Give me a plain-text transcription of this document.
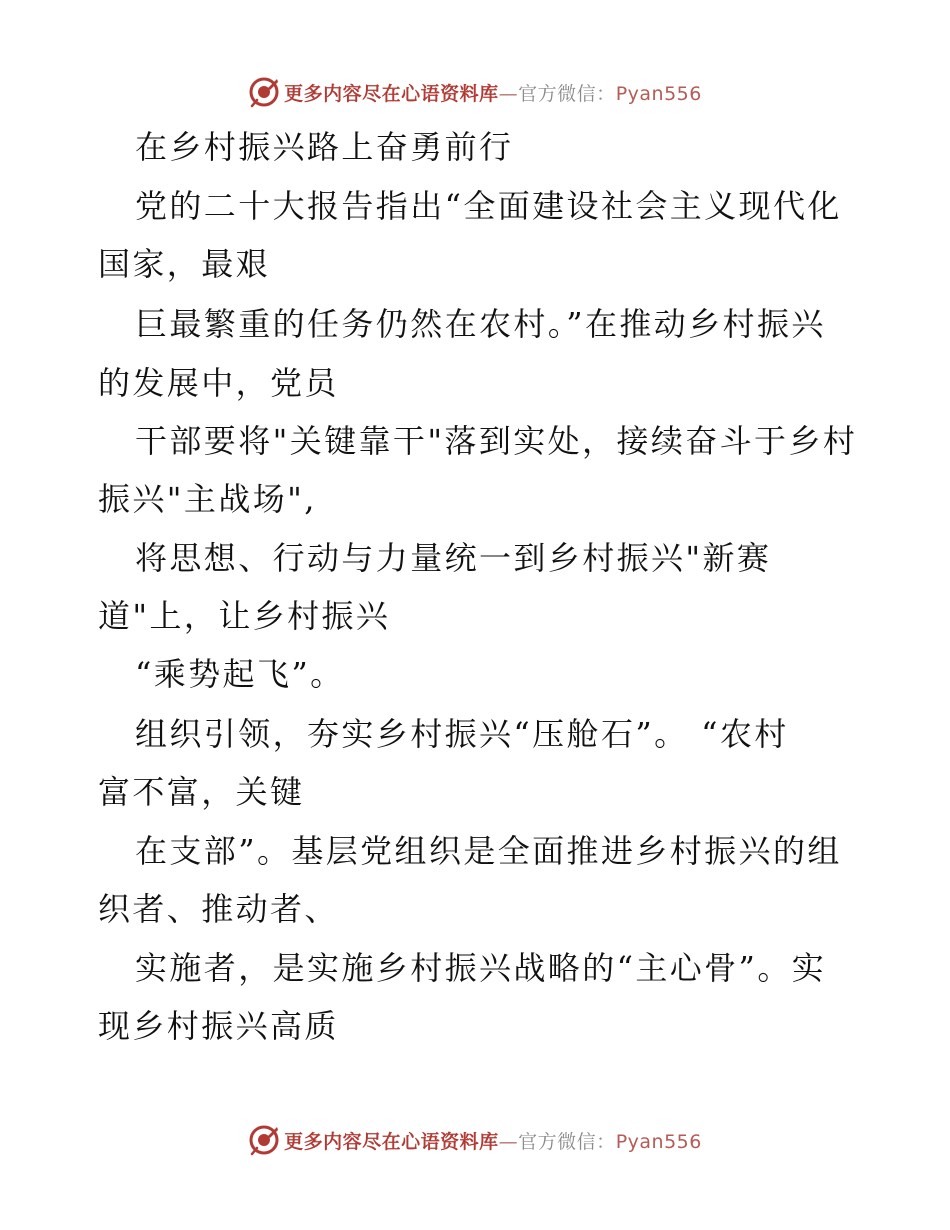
更多内容尽在心语资料库—官方微信：Pyan556
在乡村振兴路上奋勇前行
党的二十大报告指出“全面建设社会主义现代化
国家，最艰
巨最繁重的任务仍然在农村。”在推动乡村振兴
的发展中，党员
干部要将"关键靠干"落到实处，接续奋斗于乡村
振兴"主战场",
将思想、行动与力量统一到乡村振兴"新赛
道"上，让乡村振兴
“乘势起飞”。
组织引领，夯实乡村振兴“压舱石”。 “农村
富不富，关键
在支部”。基层党组织是全面推进乡村振兴的组
织者、推动者、
实施者，是实施乡村振兴战略的“主心骨”。实
现乡村振兴高质
更多内容尽在心语资料库—官方微信：Pyan556
